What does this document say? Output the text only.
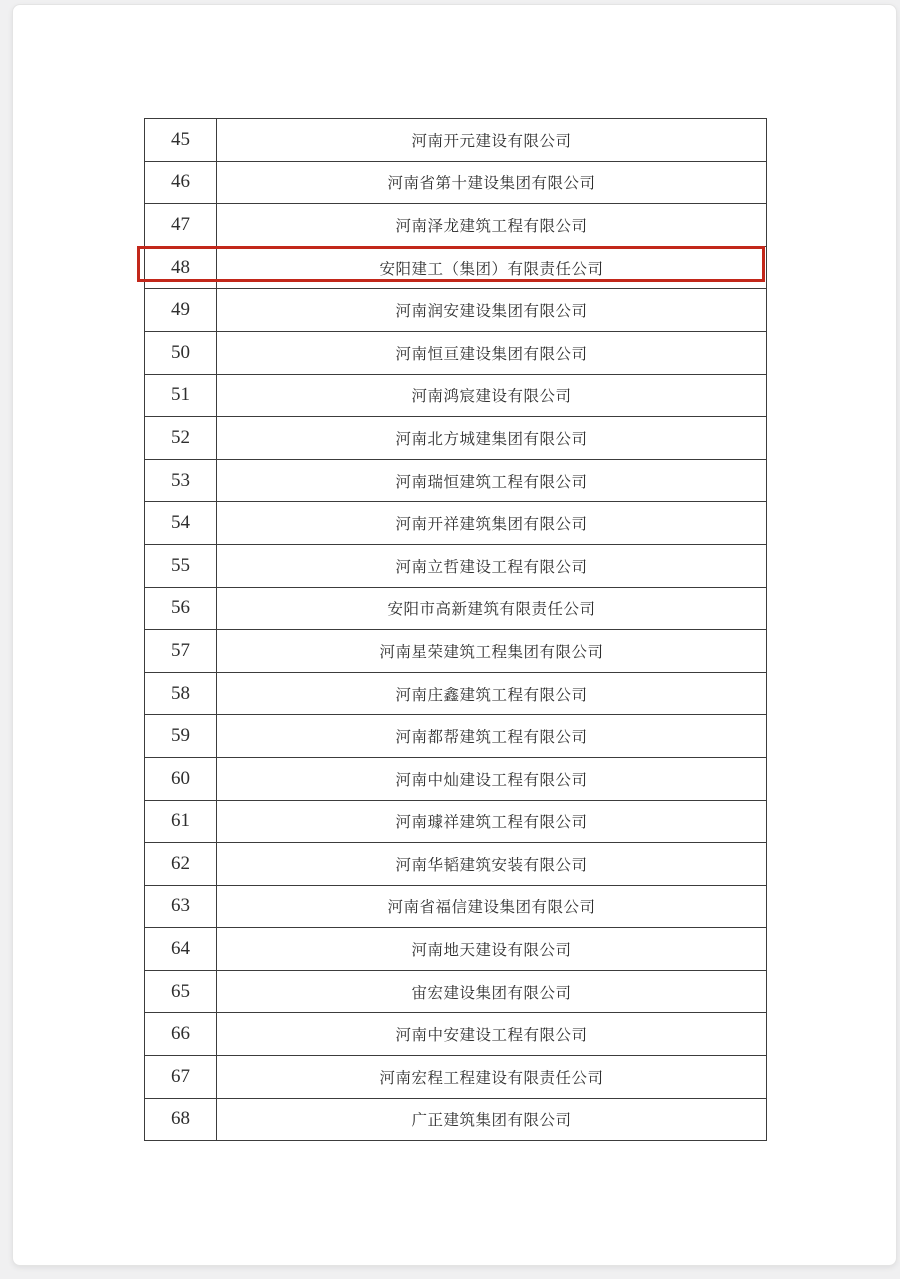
45	河南开元建设有限公司
46	河南省第十建设集团有限公司
47	河南泽龙建筑工程有限公司
48	安阳建工（集团）有限责任公司
49	河南润安建设集团有限公司
50	河南恒亘建设集团有限公司
51	河南鸿宸建设有限公司
52	河南北方城建集团有限公司
53	河南瑞恒建筑工程有限公司
54	河南开祥建筑集团有限公司
55	河南立哲建设工程有限公司
56	安阳市高新建筑有限责任公司
57	河南星荣建筑工程集团有限公司
58	河南庄鑫建筑工程有限公司
59	河南都帮建筑工程有限公司
60	河南中灿建设工程有限公司
61	河南璩祥建筑工程有限公司
62	河南华韬建筑安装有限公司
63	河南省福信建设集团有限公司
64	河南地天建设有限公司
65	宙宏建设集团有限公司
66	河南中安建设工程有限公司
67	河南宏程工程建设有限责任公司
68	广正建筑集团有限公司
